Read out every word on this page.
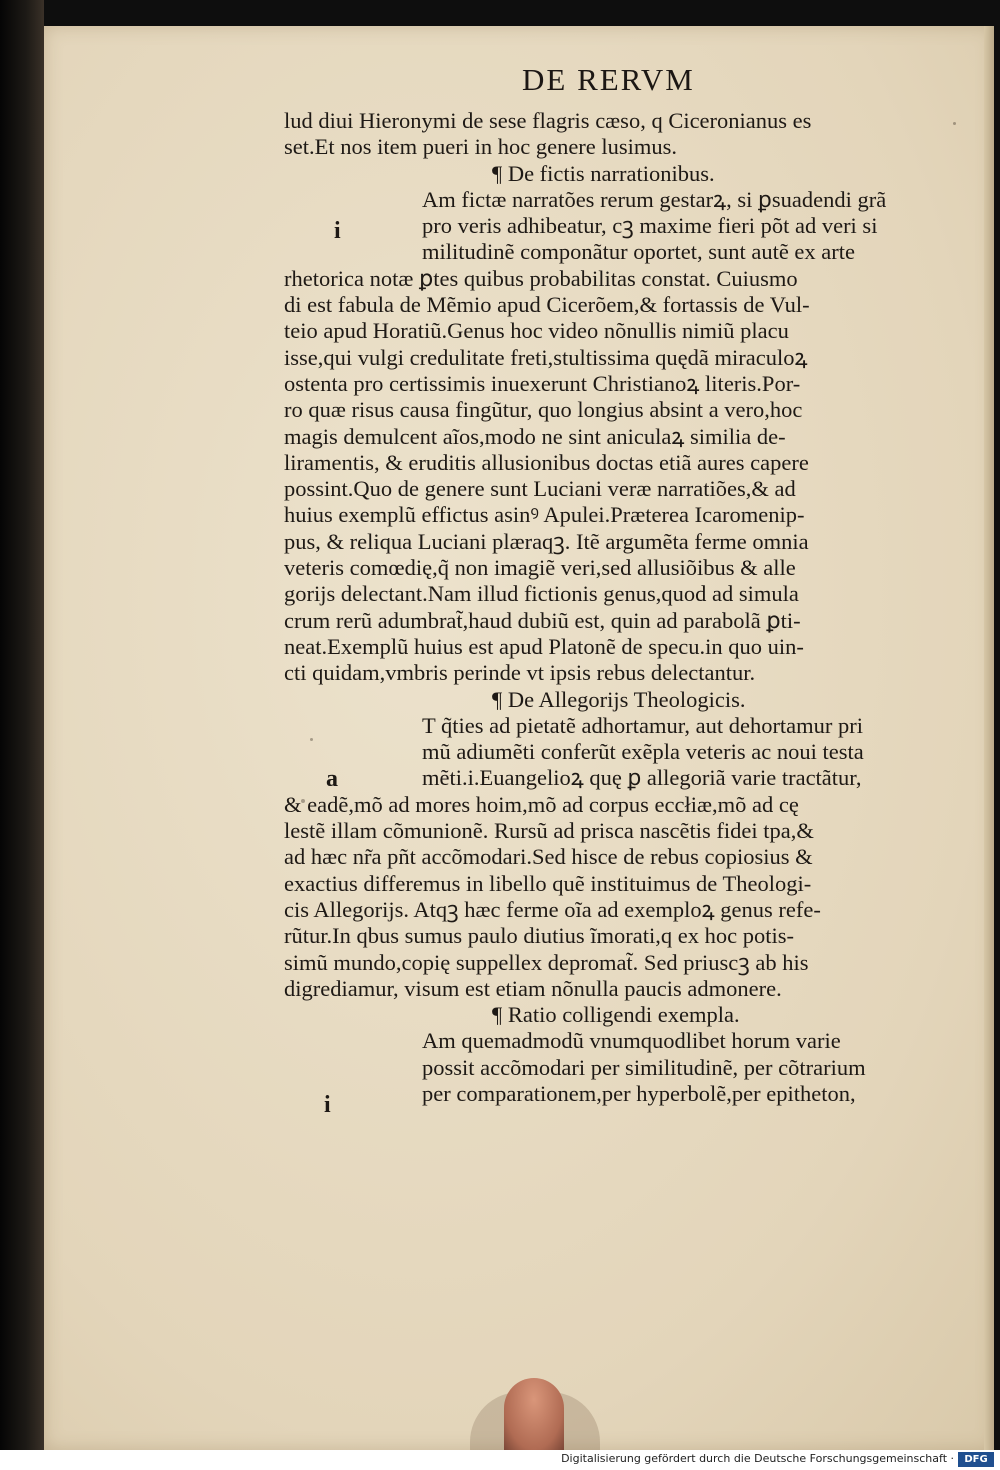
DE RERVM
lud diui Hieronymi de sese flagris cæso, q Ciceronianus es
set.Et nos item pueri in hoc genere lusimus.
¶ De fictis narrationibus.
Am fictæ narratões rerum gestarꝝ, si ꝑsuadendi grã
pro veris adhibeatur, cꝫ maxime fieri põt ad veri si
militudinẽ componãtur oportet, sunt autẽ ex arte
rhetorica notæ ꝑtes quibus probabilitas constat. Cuiusmo
di est fabula de Mẽmio apud Cicerõem,& fortassis de Vul-
teio apud Horatiũ.Genus hoc video nõnullis nimiũ placu
isse,qui vulgi credulitate freti,stultissima quędã miraculoꝝ
ostenta pro certissimis inuexerunt Christianoꝝ literis.Por-
ro quæ risus causa fingũtur, quo longius absint a vero,hoc
magis demulcent aĩos,modo ne sint aniculaꝝ similia de-
liramentis, & eruditis allusionibus doctas etiã aures capere
possint.Quo de genere sunt Luciani veræ narratiões,& ad
huius exemplũ effictus asinꝰ Apulei.Præterea Icaromenip-
pus, & reliqua Luciani plæraqꝫ. Itẽ argumẽta ferme omnia
veteris comœdię,q̃ non imagiẽ veri,sed allusiõibus & alle
gorijs delectant.Nam illud fictionis genus,quod ad simula
crum rerũ adumbrat̃,haud dubiũ est, quin ad parabolã ꝑti-
neat.Exemplũ huius est apud Platonẽ de specu.in quo uin-
cti quidam,vmbris perinde vt ipsis rebus delectantur.
¶ De Allegorijs Theologicis.
T q̃ties ad pietatẽ adhortamur, aut dehortamur pri
mũ adiumẽti conferũt exẽpla veteris ac noui testa
mẽti.i.Euangelioꝝ quę ꝑ allegoriã varie tractãtur,
& eadẽ,mõ ad mores hoim,mõ ad corpus eccłiæ,mõ ad cę
lestẽ illam cõmunionẽ. Rursũ ad prisca nascẽtis fidei tpa,&
ad hæc nr̃a pñt accõmodari.Sed hisce de rebus copiosius &
exactius differemus in libello quẽ instituimus de Theologi-
cis Allegorijs. Atqꝫ hæc ferme oĩa ad exemploꝝ genus refe-
rũtur.In qbus sumus paulo diutius ĩmorati,q ex hoc potis-
simũ mundo,copię suppellex depromat̃. Sed priuscꝫ ab his
digrediamur, visum est etiam nõnulla paucis admonere.
¶ Ratio colligendi exempla.
Am quemadmodũ vnumquodlibet horum varie
possit accõmodari per similitudinẽ, per cõtrarium
per comparationem,per hyperbolẽ,per epitheton,
i
a
i
Digitalisierung gefördert durch die Deutsche Forschungsgemeinschaft ·	DFG
